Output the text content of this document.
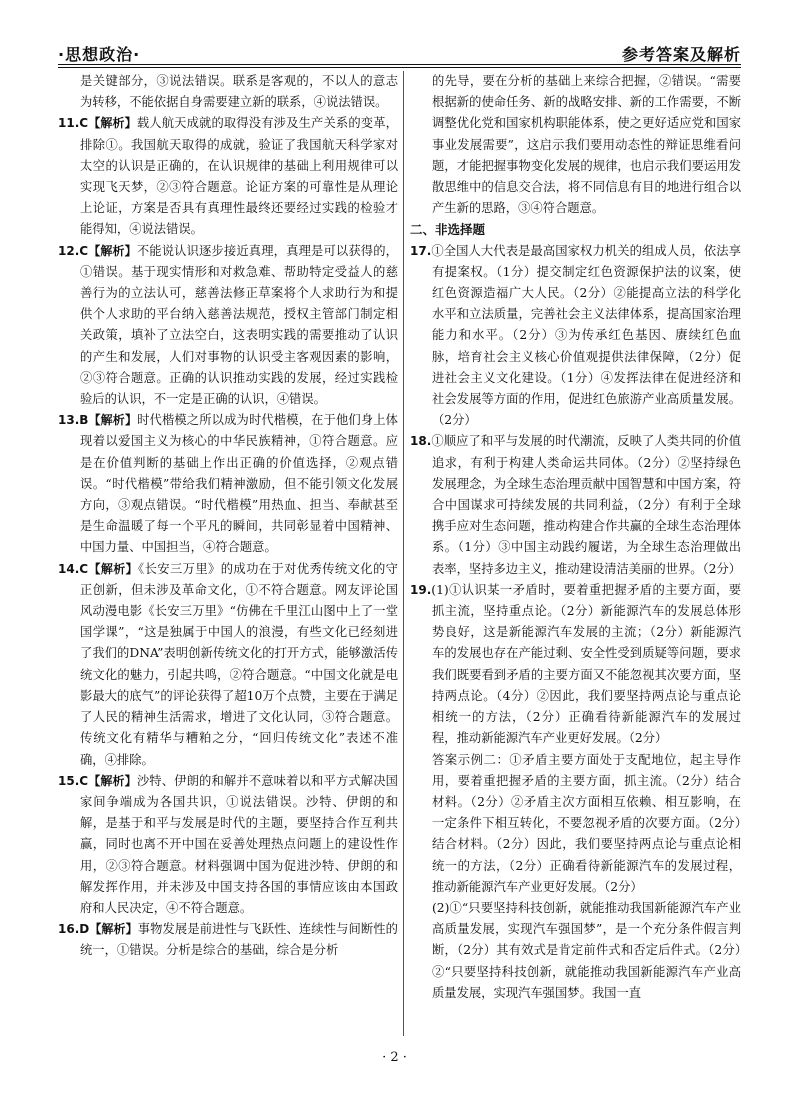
·思想政治·	参考答案及解析

是关键部分，③说法错误。联系是客观的，不以人的意志为转移，不能依据自身需要建立新的联系，④说法错误。

11.C【解析】载人航天成就的取得没有涉及生产关系的变革，排除①。我国航天取得的成就，验证了我国航天科学家对太空的认识是正确的，在认识规律的基础上利用规律可以实现飞天梦，②③符合题意。论证方案的可靠性是从理论上论证，方案是否具有真理性最终还要经过实践的检验才能得知，④说法错误。

12.C【解析】不能说认识逐步接近真理，真理是可以获得的，①错误。基于现实情形和对救急难、帮助特定受益人的慈善行为的立法认可，慈善法修正草案将个人求助行为和提供个人求助的平台纳入慈善法规范，授权主管部门制定相关政策，填补了立法空白，这表明实践的需要推动了认识的产生和发展，人们对事物的认识受主客观因素的影响，②③符合题意。正确的认识推动实践的发展，经过实践检验后的认识，不一定是正确的认识，④错误。

13.B【解析】时代楷模之所以成为时代楷模，在于他们身上体现着以爱国主义为核心的中华民族精神，①符合题意。应是在价值判断的基础上作出正确的价值选择，②观点错误。“时代楷模”带给我们精神激励，但不能引领文化发展方向，③观点错误。“时代楷模”用热血、担当、奉献甚至是生命温暖了每一个平凡的瞬间，共同彰显着中国精神、中国力量、中国担当，④符合题意。

14.C【解析】《长安三万里》的成功在于对优秀传统文化的守正创新，但未涉及革命文化，①不符合题意。网友评论国风动漫电影《长安三万里》“仿佛在千里江山图中上了一堂国学课”，“这是独属于中国人的浪漫，有些文化已经刻进了我们的DNA”表明创新传统文化的打开方式，能够激活传统文化的魅力，引起共鸣，②符合题意。“中国文化就是电影最大的底气”的评论获得了超10万个点赞，主要在于满足了人民的精神生活需求，增进了文化认同，③符合题意。传统文化有精华与糟粕之分，“回归传统文化”表述不准确，④排除。

15.C【解析】沙特、伊朗的和解并不意味着以和平方式解决国家间争端成为各国共识，①说法错误。沙特、伊朗的和解，是基于和平与发展是时代的主题，要坚持合作互利共赢，同时也离不开中国在妥善处理热点问题上的建设性作用，②③符合题意。材料强调中国为促进沙特、伊朗的和解发挥作用，并未涉及中国支持各国的事情应该由本国政府和人民决定，④不符合题意。

16.D【解析】事物发展是前进性与飞跃性、连续性与间断性的统一，①错误。分析是综合的基础，综合是分析

的先导，要在分析的基础上来综合把握，②错误。“需要根据新的使命任务、新的战略安排、新的工作需要，不断调整优化党和国家机构职能体系，使之更好适应党和国家事业发展需要”，这启示我们要用动态性的辩证思维看问题，才能把握事物变化发展的规律，也启示我们要运用发散思维中的信息交合法，将不同信息有目的地进行组合以产生新的思路，③④符合题意。

二、非选择题

17.①全国人大代表是最高国家权力机关的组成人员，依法享有提案权。（1分）提交制定红色资源保护法的议案，使红色资源造福广大人民。（2分）②能提高立法的科学化水平和立法质量，完善社会主义法律体系，提高国家治理能力和水平。（2分）③为传承红色基因、赓续红色血脉，培育社会主义核心价值观提供法律保障，（2分）促进社会主义文化建设。（1分）④发挥法律在促进经济和社会发展等方面的作用，促进红色旅游产业高质量发展。（2分）

18.①顺应了和平与发展的时代潮流，反映了人类共同的价值追求，有利于构建人类命运共同体。（2分）②坚持绿色发展理念，为全球生态治理贡献中国智慧和中国方案，符合中国谋求可持续发展的共同利益，（2分）有利于全球携手应对生态问题，推动构建合作共赢的全球生态治理体系。（1分）③中国主动践约履诺，为全球生态治理做出表率，坚持多边主义，推动建设清洁美丽的世界。（2分）

19.(1)①认识某一矛盾时，要着重把握矛盾的主要方面，要抓主流，坚持重点论。（2分）新能源汽车的发展总体形势良好，这是新能源汽车发展的主流；（2分）新能源汽车的发展也存在产能过剩、安全性受到质疑等问题，要求我们既要看到矛盾的主要方面又不能忽视其次要方面，坚持两点论。（4分）②因此，我们要坚持两点论与重点论相统一的方法，（2分）正确看待新能源汽车的发展过程，推动新能源汽车产业更好发展。（2分）

答案示例二：①矛盾主要方面处于支配地位，起主导作用，要着重把握矛盾的主要方面，抓主流。（2分）结合材料。（2分）②矛盾主次方面相互依赖、相互影响，在一定条件下相互转化，不要忽视矛盾的次要方面。（2分）结合材料。（2分）因此，我们要坚持两点论与重点论相统一的方法，（2分）正确看待新能源汽车的发展过程，推动新能源汽车产业更好发展。（2分）

(2)①“只要坚持科技创新，就能推动我国新能源汽车产业高质量发展，实现汽车强国梦”，是一个充分条件假言判断，（2分）其有效式是肯定前件式和否定后件式。（2分）②“只要坚持科技创新，就能推动我国新能源汽车产业高质量发展，实现汽车强国梦。我国一直

· 2 ·
